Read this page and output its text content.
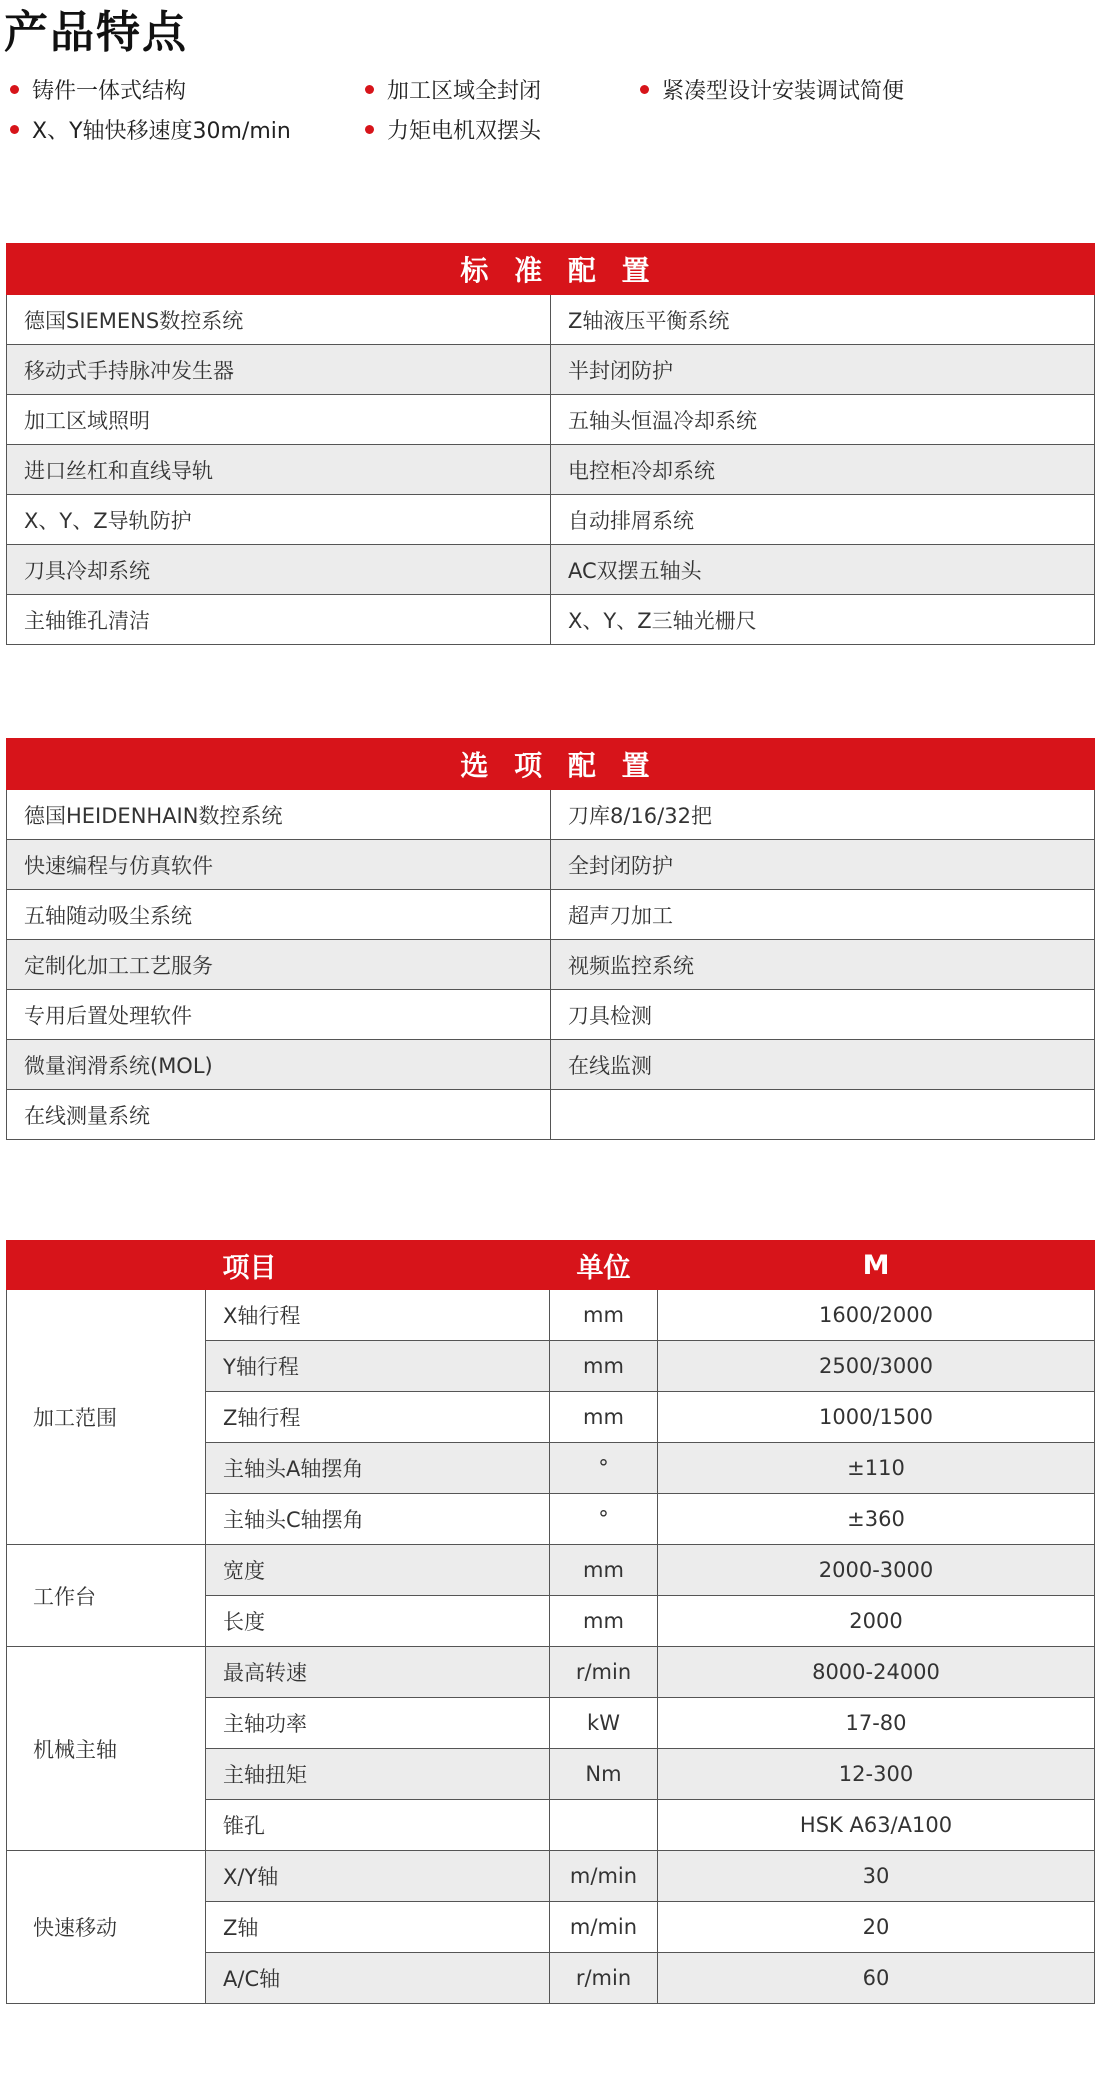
产品特点
铸件一体式结构	加工区域全封闭	紧凑型设计安装调试简便
X、Y轴快移速度30m/min	力矩电机双摆头
标 准 配 置	
德国SIEMENS数控系统	Z轴液压平衡系统
移动式手持脉冲发生器	半封闭防护
加工区域照明	五轴头恒温冷却系统
进口丝杠和直线导轨	电控柜冷却系统
X、Y、Z导轨防护	自动排屑系统
刀具冷却系统	AC双摆五轴头
主轴锥孔清洁	X、Y、Z三轴光栅尺
选 项 配 置	
德国HEIDENHAIN数控系统	刀库8/16/32把
快速编程与仿真软件	全封闭防护
五轴随动吸尘系统	超声刀加工
定制化加工工艺服务	视频监控系统
专用后置处理软件	刀具检测
微量润滑系统(MOL)	在线监测
在线测量系统	
	项目	单位	M
加工范围	X轴行程	mm	1600/2000
	Y轴行程	mm	2500/3000
	Z轴行程	mm	1000/1500
	主轴头A轴摆角	°	±110
	主轴头C轴摆角	°	±360
工作台	宽度	mm	2000-3000
	长度	mm	2000
机械主轴	最高转速	r/min	8000-24000
	主轴功率	kW	17-80
	主轴扭矩	Nm	12-300
	锥孔		HSK A63/A100
快速移动	X/Y轴	m/min	30
	Z轴	m/min	20
	A/C轴	r/min	60
